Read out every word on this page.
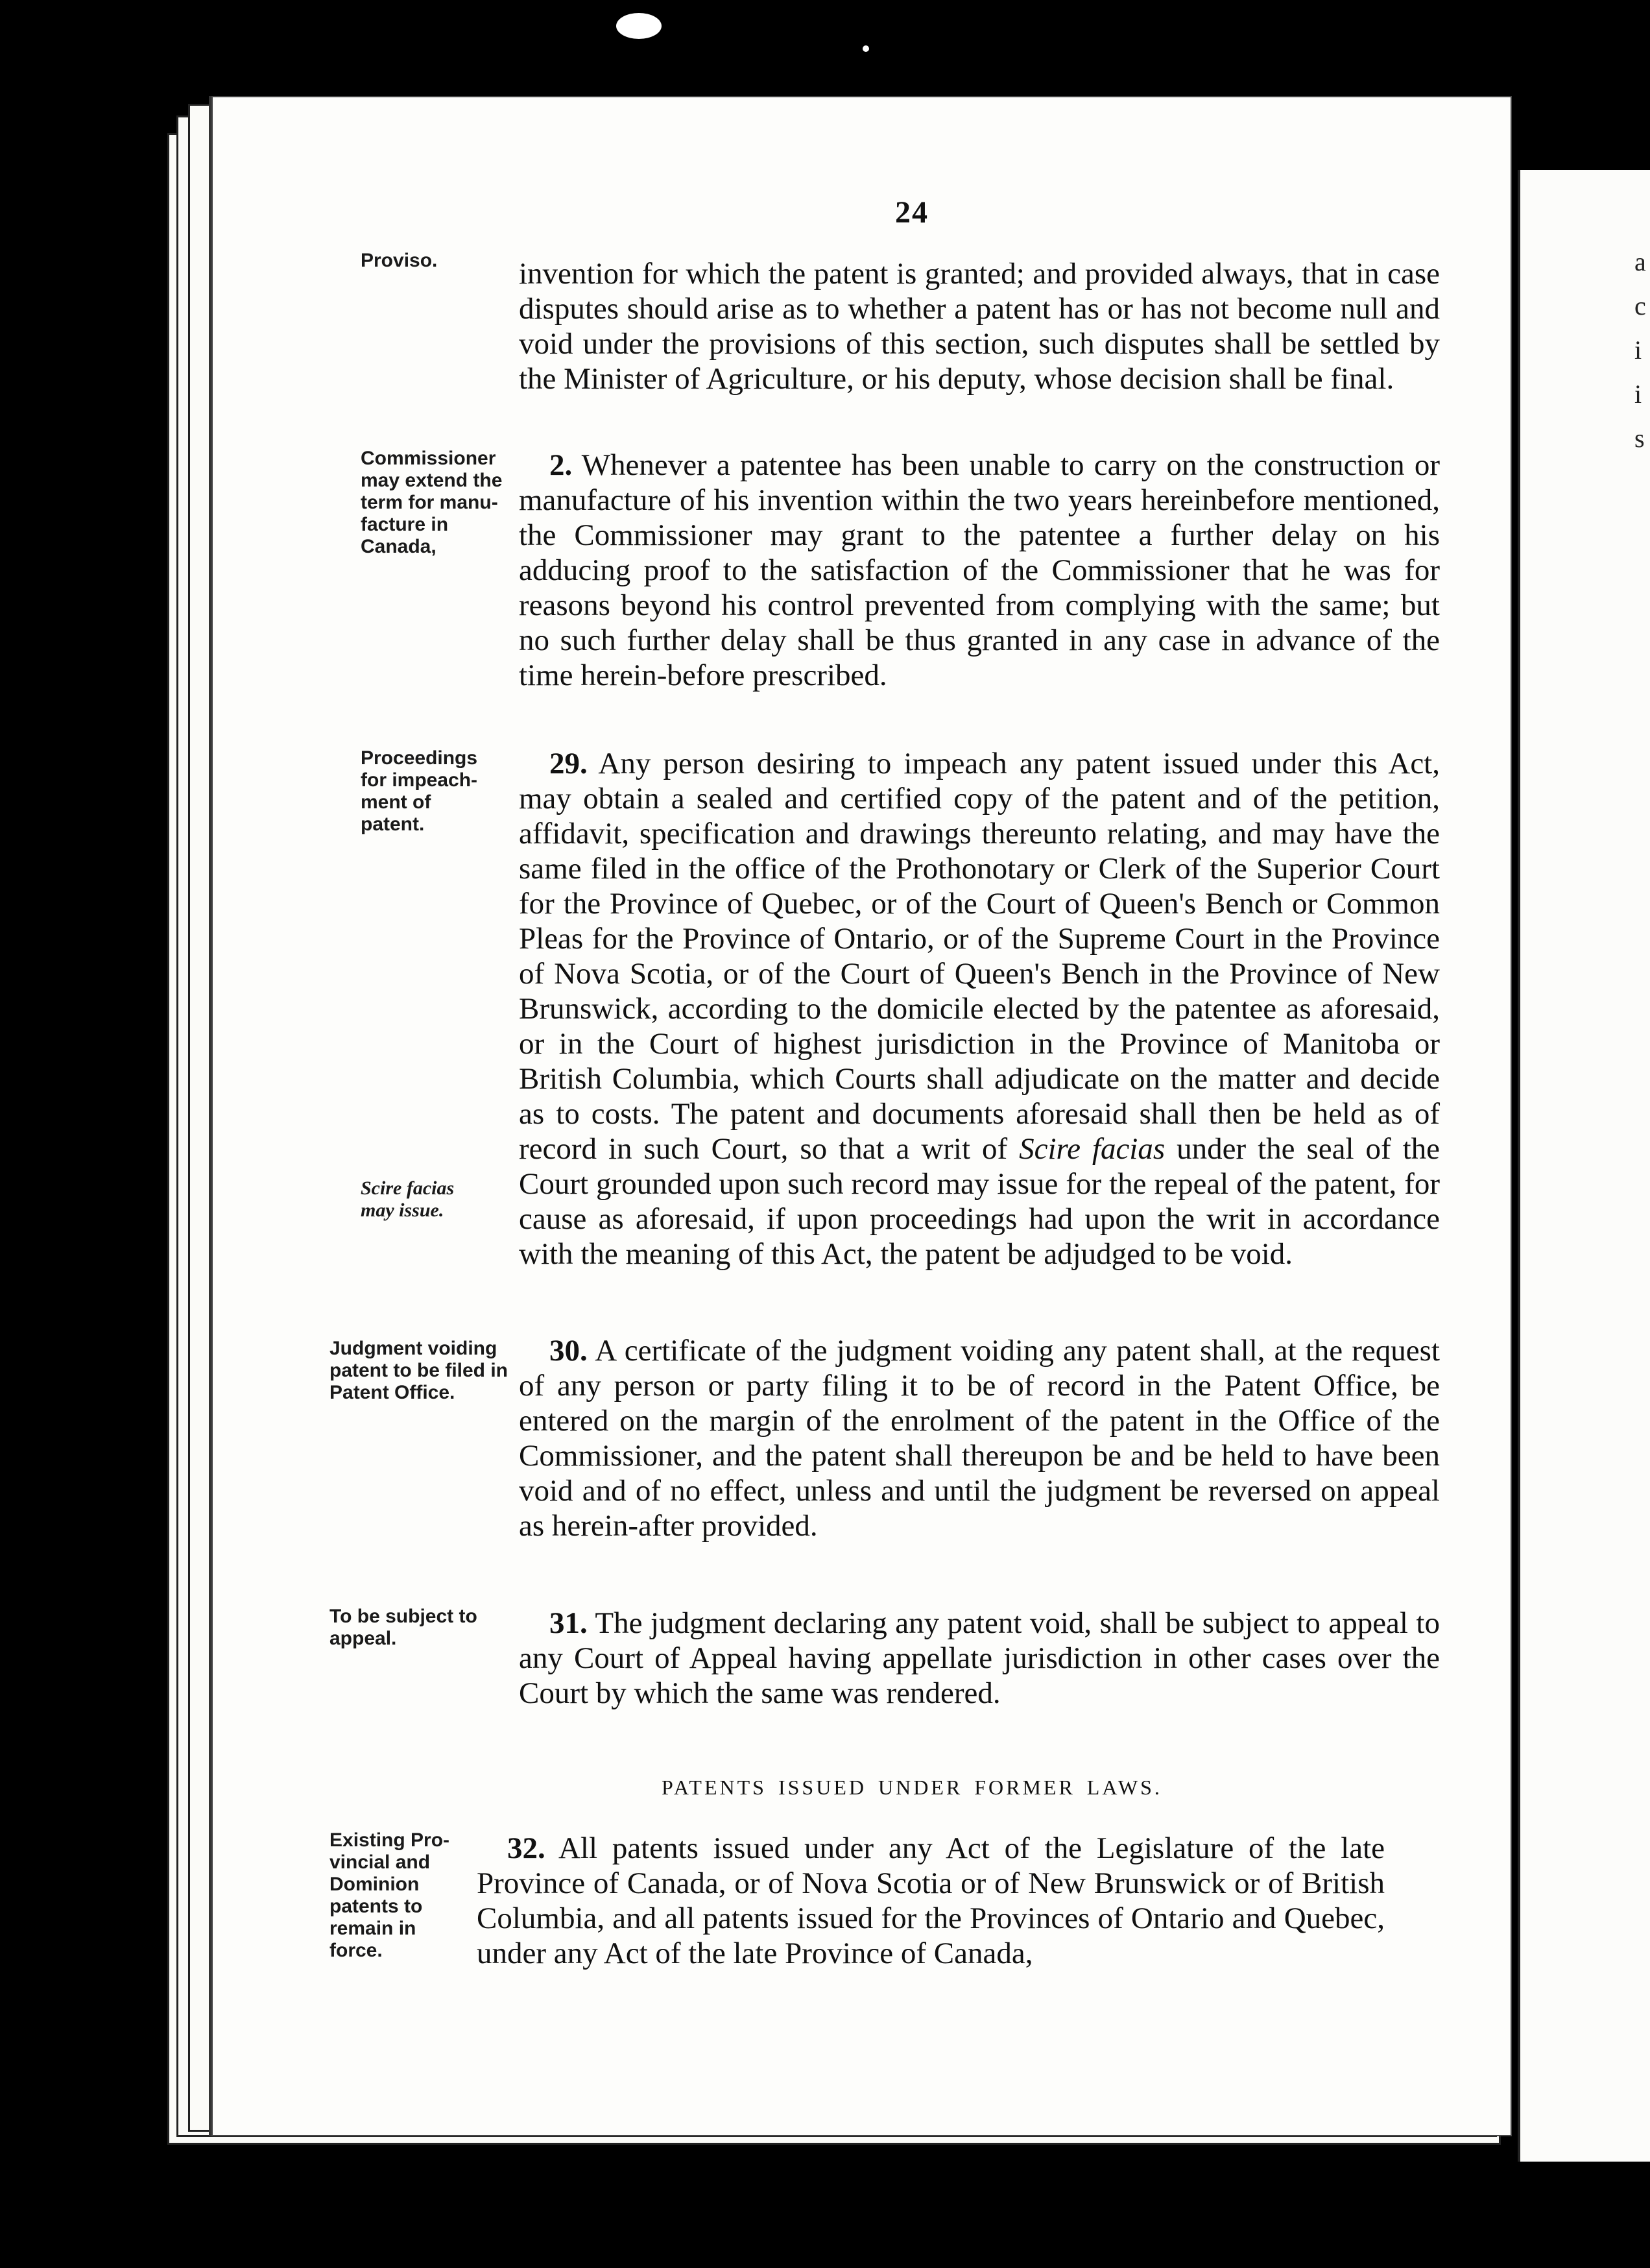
a
c
i
i
s
24
Proviso.
Commissioner may extend the term for manu-facture in Canada,
Proceedings for impeach-ment of patent.
Scire facias may issue.
Judgment voiding patent to be filed in Patent Office.
To be subject to appeal.
Existing Pro-vincial and Dominion patents to remain in force.
invention for which the patent is granted; and provided always, that in case disputes should arise as to whether a patent has or has not become null and void under the provisions of this section, such disputes shall be settled by the Minister of Agriculture, or his deputy, whose decision shall be final.
 2. Whenever a patentee has been unable to carry on the construction or manufacture of his invention within the two years hereinbefore mentioned, the Commissioner may grant to the patentee a further delay on his adducing proof to the satisfaction of the Commissioner that he was for reasons beyond his control prevented from complying with the same; but no such further delay shall be thus granted in any case in advance of the time herein-before prescribed.
 29. Any person desiring to impeach any patent issued under this Act, may obtain a sealed and certified copy of the patent and of the petition, affidavit, specification and drawings thereunto relating, and may have the same filed in the office of the Prothonotary or Clerk of the Superior Court for the Province of Quebec, or of the Court of Queen's Bench or Common Pleas for the Province of Ontario, or of the Supreme Court in the Province of Nova Scotia, or of the Court of Queen's Bench in the Province of New Brunswick, according to the domicile elected by the patentee as aforesaid, or in the Court of highest jurisdiction in the Province of Manitoba or British Columbia, which Courts shall adjudicate on the matter and decide as to costs. The patent and documents aforesaid shall then be held as of record in such Court, so that a writ of Scire facias under the seal of the Court grounded upon such record may issue for the repeal of the patent, for cause as aforesaid, if upon proceedings had upon the writ in accordance with the meaning of this Act, the patent be adjudged to be void.
 30. A certificate of the judgment voiding any patent shall, at the request of any person or party filing it to be of record in the Patent Office, be entered on the margin of the enrolment of the patent in the Office of the Commissioner, and the patent shall thereupon be and be held to have been void and of no effect, unless and until the judgment be reversed on appeal as herein-after provided.
 31. The judgment declaring any patent void, shall be subject to appeal to any Court of Appeal having appellate jurisdiction in other cases over the Court by which the same was rendered.
PATENTS ISSUED UNDER FORMER LAWS.
 32. All patents issued under any Act of the Legislature of the late Province of Canada, or of Nova Scotia or of New Brunswick or of British Columbia, and all patents issued for the Provinces of Ontario and Quebec, under any Act of the late Province of Canada,
